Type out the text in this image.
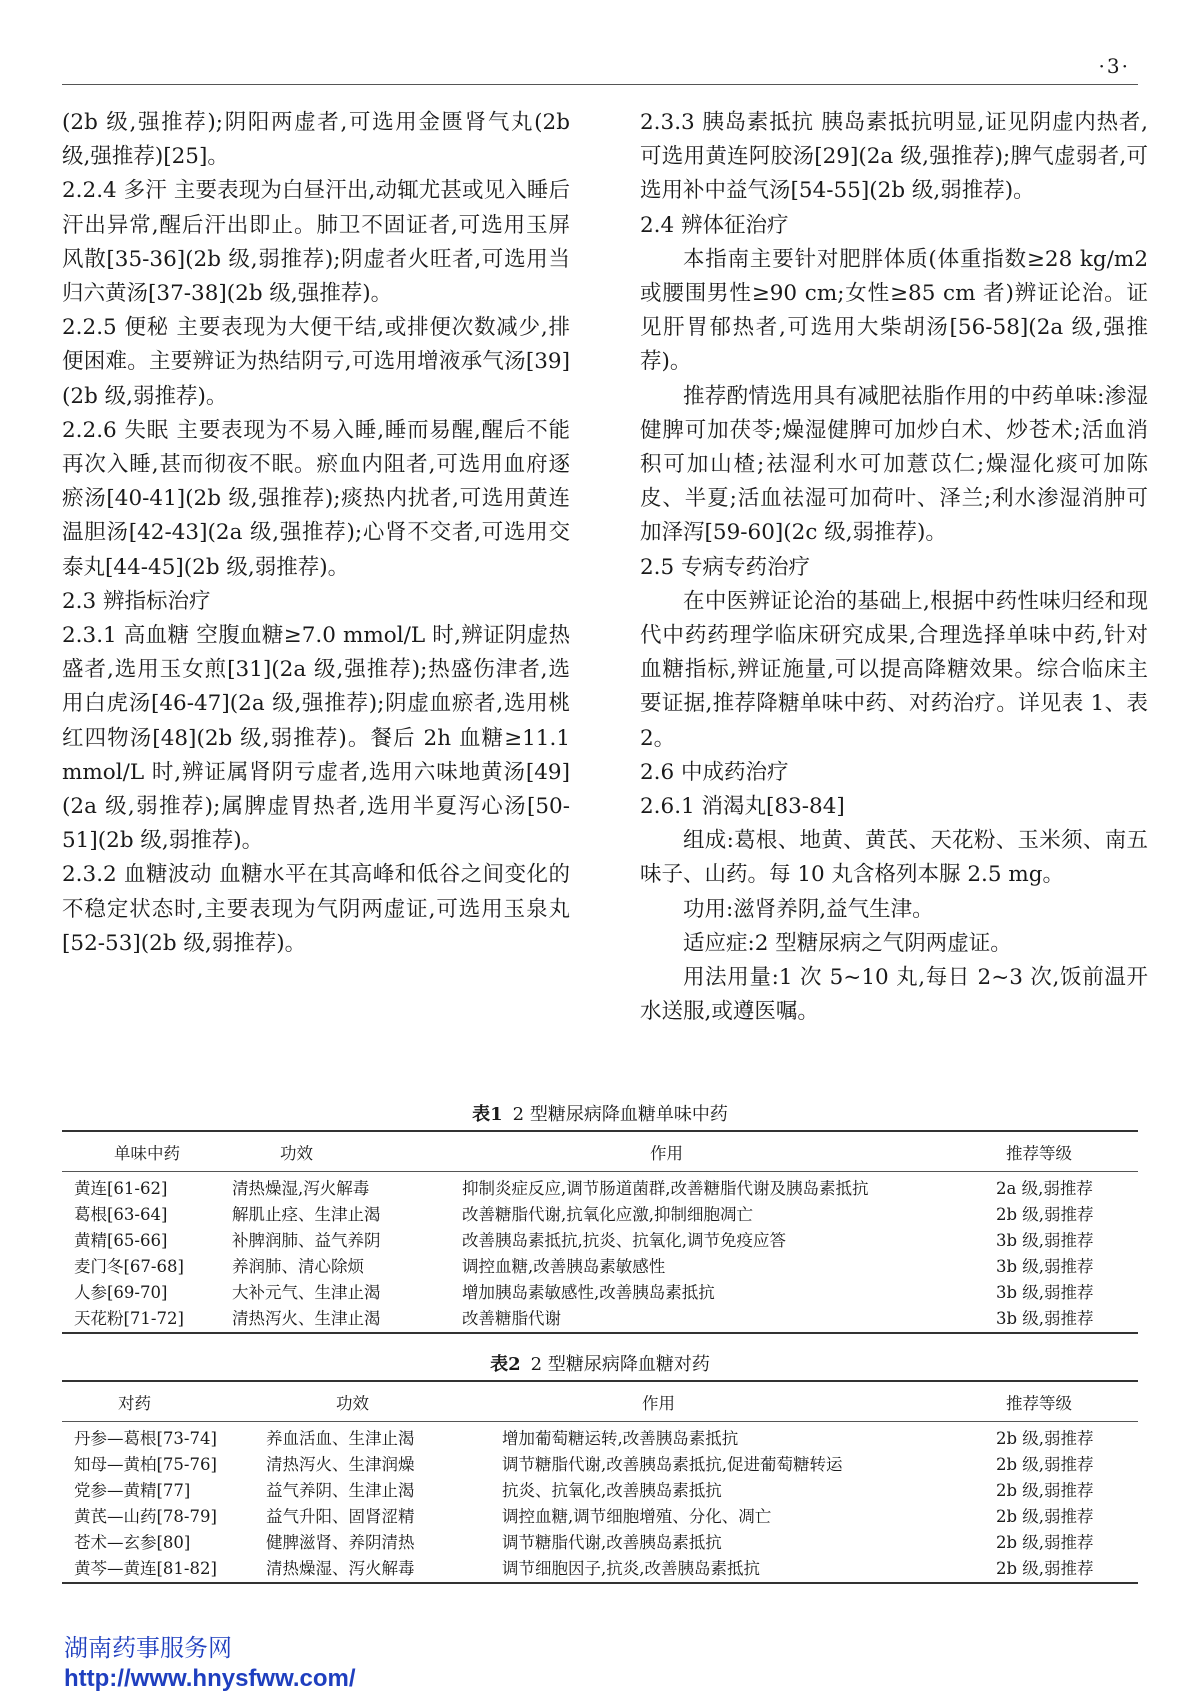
·3·

(2b 级,强推荐);阴阳两虚者,可选用金匮肾气丸(2b 级,强推荐)[25]。

2.2.4 多汗 主要表现为白昼汗出,动辄尤甚或见入睡后汗出异常,醒后汗出即止。肺卫不固证者,可选用玉屏风散[35-36](2b 级,弱推荐);阴虚者火旺者,可选用当归六黄汤[37-38](2b 级,强推荐)。

2.2.5 便秘 主要表现为大便干结,或排便次数减少,排便困难。主要辨证为热结阴亏,可选用增液承气汤[39](2b 级,弱推荐)。

2.2.6 失眠 主要表现为不易入睡,睡而易醒,醒后不能再次入睡,甚而彻夜不眠。瘀血内阻者,可选用血府逐瘀汤[40-41](2b 级,强推荐);痰热内扰者,可选用黄连温胆汤[42-43](2a 级,强推荐);心肾不交者,可选用交泰丸[44-45](2b 级,弱推荐)。

2.3 辨指标治疗

2.3.1 高血糖 空腹血糖≥7.0 mmol/L 时,辨证阴虚热盛者,选用玉女煎[31](2a 级,强推荐);热盛伤津者,选用白虎汤[46-47](2a 级,强推荐);阴虚血瘀者,选用桃红四物汤[48](2b 级,弱推荐)。餐后 2h 血糖≥11.1 mmol/L 时,辨证属肾阴亏虚者,选用六味地黄汤[49](2a 级,弱推荐);属脾虚胃热者,选用半夏泻心汤[50-51](2b 级,弱推荐)。

2.3.2 血糖波动 血糖水平在其高峰和低谷之间变化的不稳定状态时,主要表现为气阴两虚证,可选用玉泉丸[52-53](2b 级,弱推荐)。

2.3.3 胰岛素抵抗 胰岛素抵抗明显,证见阴虚内热者,可选用黄连阿胶汤[29](2a 级,强推荐);脾气虚弱者,可选用补中益气汤[54-55](2b 级,弱推荐)。

2.4 辨体征治疗

本指南主要针对肥胖体质(体重指数≥28 kg/m2 或腰围男性≥90 cm;女性≥85 cm 者)辨证论治。证见肝胃郁热者,可选用大柴胡汤[56-58](2a 级,强推荐)。

推荐酌情选用具有减肥祛脂作用的中药单味:渗湿健脾可加茯苓;燥湿健脾可加炒白术、炒苍术;活血消积可加山楂;祛湿利水可加薏苡仁;燥湿化痰可加陈皮、半夏;活血祛湿可加荷叶、泽兰;利水渗湿消肿可加泽泻[59-60](2c 级,弱推荐)。

2.5 专病专药治疗

在中医辨证论治的基础上,根据中药性味归经和现代中药药理学临床研究成果,合理选择单味中药,针对血糖指标,辨证施量,可以提高降糖效果。综合临床主要证据,推荐降糖单味中药、对药治疗。详见表 1、表 2。

2.6 中成药治疗

2.6.1 消渴丸[83-84]

组成:葛根、地黄、黄芪、天花粉、玉米须、南五味子、山药。每 10 丸含格列本脲 2.5 mg。

功用:滋肾养阴,益气生津。

适应症:2 型糖尿病之气阴两虚证。

用法用量:1 次 5~10 丸,每日 2~3 次,饭前温开水送服,或遵医嘱。

表1 2 型糖尿病降血糖单味中药
单味中药	功效	作用	推荐等级
黄连[61-62]	清热燥湿,泻火解毒	抑制炎症反应,调节肠道菌群,改善糖脂代谢及胰岛素抵抗	2a 级,弱推荐
葛根[63-64]	解肌止痉、生津止渴	改善糖脂代谢,抗氧化应激,抑制细胞凋亡	2b 级,弱推荐
黄精[65-66]	补脾润肺、益气养阴	改善胰岛素抵抗,抗炎、抗氧化,调节免疫应答	3b 级,弱推荐
麦门冬[67-68]	养润肺、清心除烦	调控血糖,改善胰岛素敏感性	3b 级,弱推荐
人参[69-70]	大补元气、生津止渴	增加胰岛素敏感性,改善胰岛素抵抗	3b 级,弱推荐
天花粉[71-72]	清热泻火、生津止渴	改善糖脂代谢	3b 级,弱推荐
表2 2 型糖尿病降血糖对药
对药	功效	作用	推荐等级
丹参—葛根[73-74]	养血活血、生津止渴	增加葡萄糖运转,改善胰岛素抵抗	2b 级,弱推荐
知母—黄柏[75-76]	清热泻火、生津润燥	调节糖脂代谢,改善胰岛素抵抗,促进葡萄糖转运	2b 级,弱推荐
党参—黄精[77]	益气养阴、生津止渴	抗炎、抗氧化,改善胰岛素抵抗	2b 级,弱推荐
黄芪—山药[78-79]	益气升阳、固肾涩精	调控血糖,调节细胞增殖、分化、凋亡	2b 级,弱推荐
苍术—玄参[80]	健脾滋肾、养阴清热	调节糖脂代谢,改善胰岛素抵抗	2b 级,弱推荐
黄芩—黄连[81-82]	清热燥湿、泻火解毒	调节细胞因子,抗炎,改善胰岛素抵抗	2b 级,弱推荐
湖南药事服务网
http://www.hnysfww.com/
